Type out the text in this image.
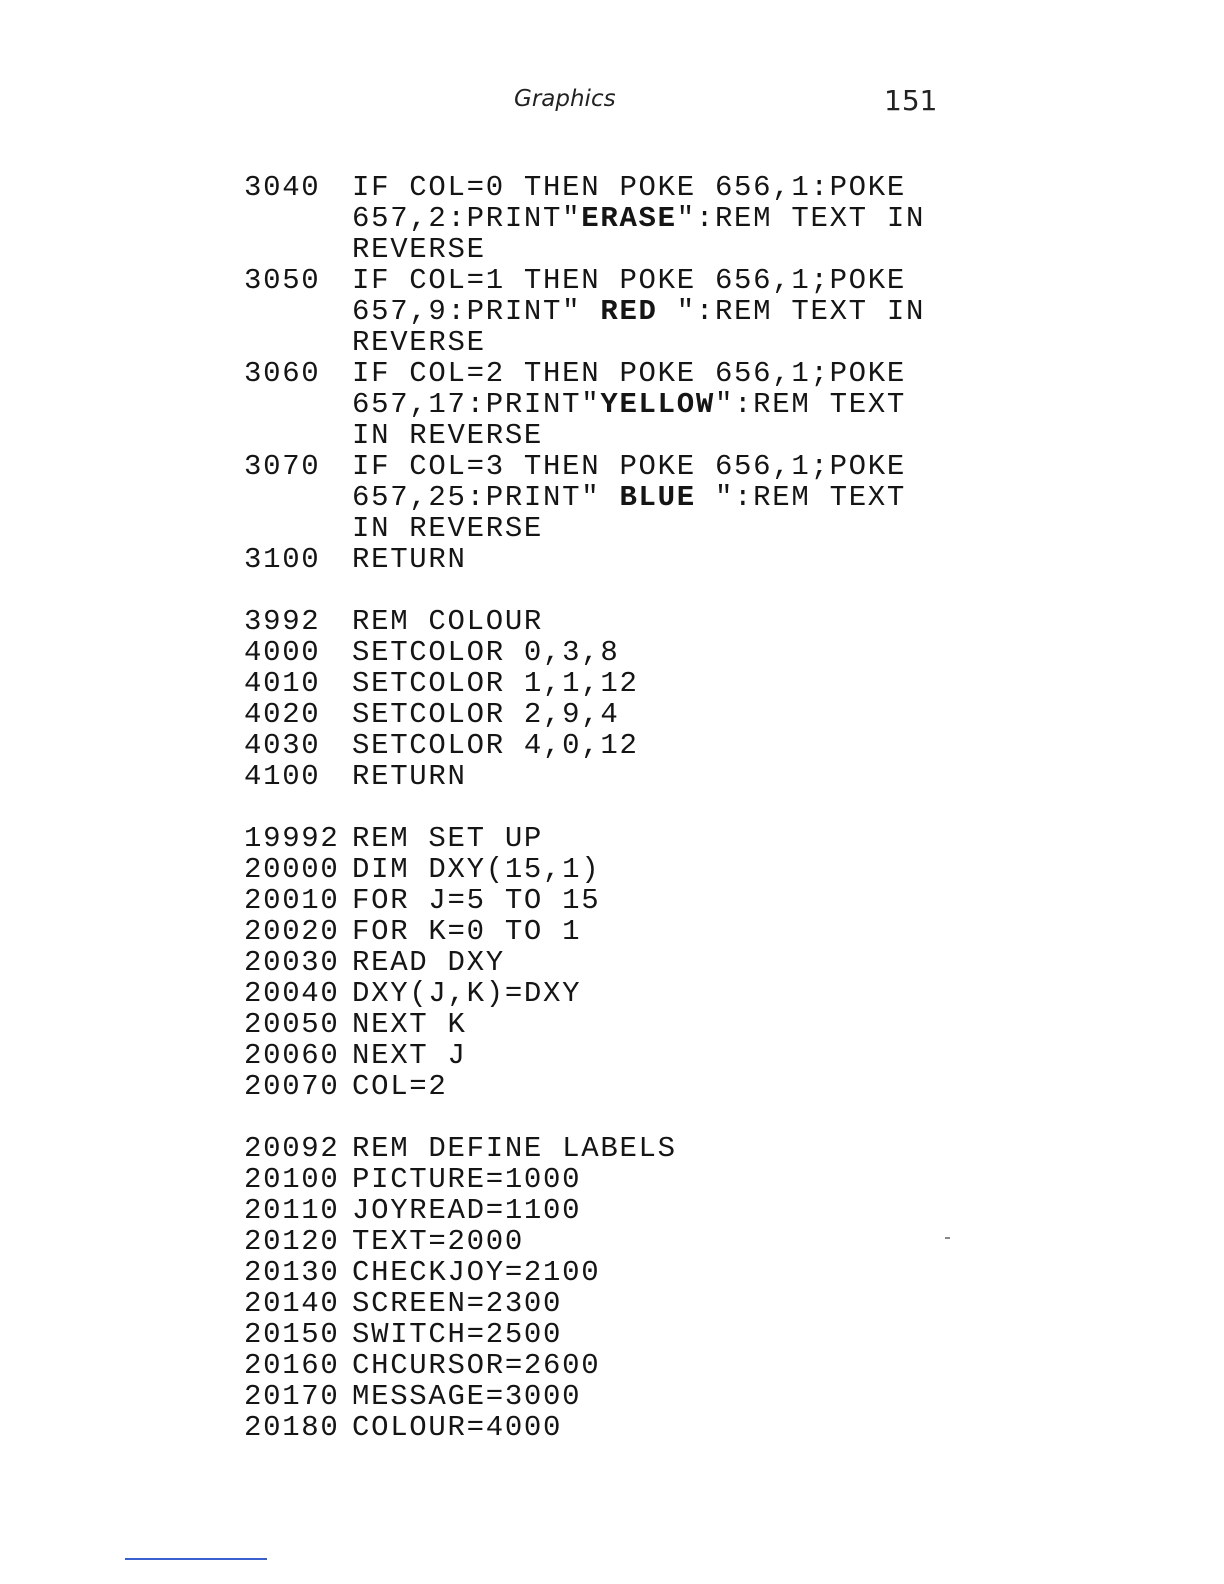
Graphics	151
3040	IF COL=0 THEN POKE 656,1:POKE
657,2:PRINT"ERASE":REM TEXT IN
REVERSE
3050	IF COL=1 THEN POKE 656,1;POKE
657,9:PRINT" RED ":REM TEXT IN
REVERSE
3060	IF COL=2 THEN POKE 656,1;POKE
657,17:PRINT"YELLOW":REM TEXT
IN REVERSE
3070	IF COL=3 THEN POKE 656,1;POKE
657,25:PRINT" BLUE ":REM TEXT
IN REVERSE
3100	RETURN
3992	REM COLOUR
4000	SETCOLOR 0,3,8
4010	SETCOLOR 1,1,12
4020	SETCOLOR 2,9,4
4030	SETCOLOR 4,0,12
4100	RETURN
19992 REM SET UP
20000 DIM DXY(15,1)
20010 FOR J=5 TO 15
20020 FOR K=0 TO 1
20030 READ DXY
20040 DXY(J,K)=DXY
20050 NEXT K
20060 NEXT J
20070 COL=2
20092 REM DEFINE LABELS
20100 PICTURE=1000
20110 JOYREAD=1100
20120 TEXT=2000
20130 CHECKJOY=2100
20140 SCREEN=2300
20150 SWITCH=2500
20160 CHCURSOR=2600
20170 MESSAGE=3000
20180 COLOUR=4000
